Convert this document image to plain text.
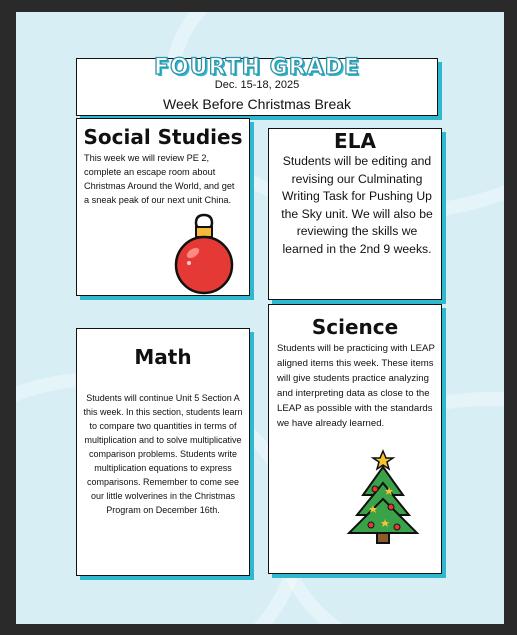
FOURTH GRADE
Dec. 15-18, 2025
Week Before Christmas Break
Social Studies
This week we will review PE 2, complete an escape room about Christmas Around the World, and get a sneak peak of our next unit China.
ELA
Students will be editing and revising our Culminating Writing Task for Pushing Up the Sky unit. We will also be reviewing the skills we learned in the 2nd 9 weeks.
Math
Students will continue Unit 5 Section A this week. In this section, students learn to compare two quantities in terms of multiplication and to solve multiplicative comparison problems. Students write multiplication equations to express comparisons. Remember to come see our little wolverines in the Christmas Program on December 16th.
Science
Students will be practicing with LEAP aligned items this week. These items will give students practice analyzing and interpreting data as close to the LEAP as possible with the standards we have already learned.
